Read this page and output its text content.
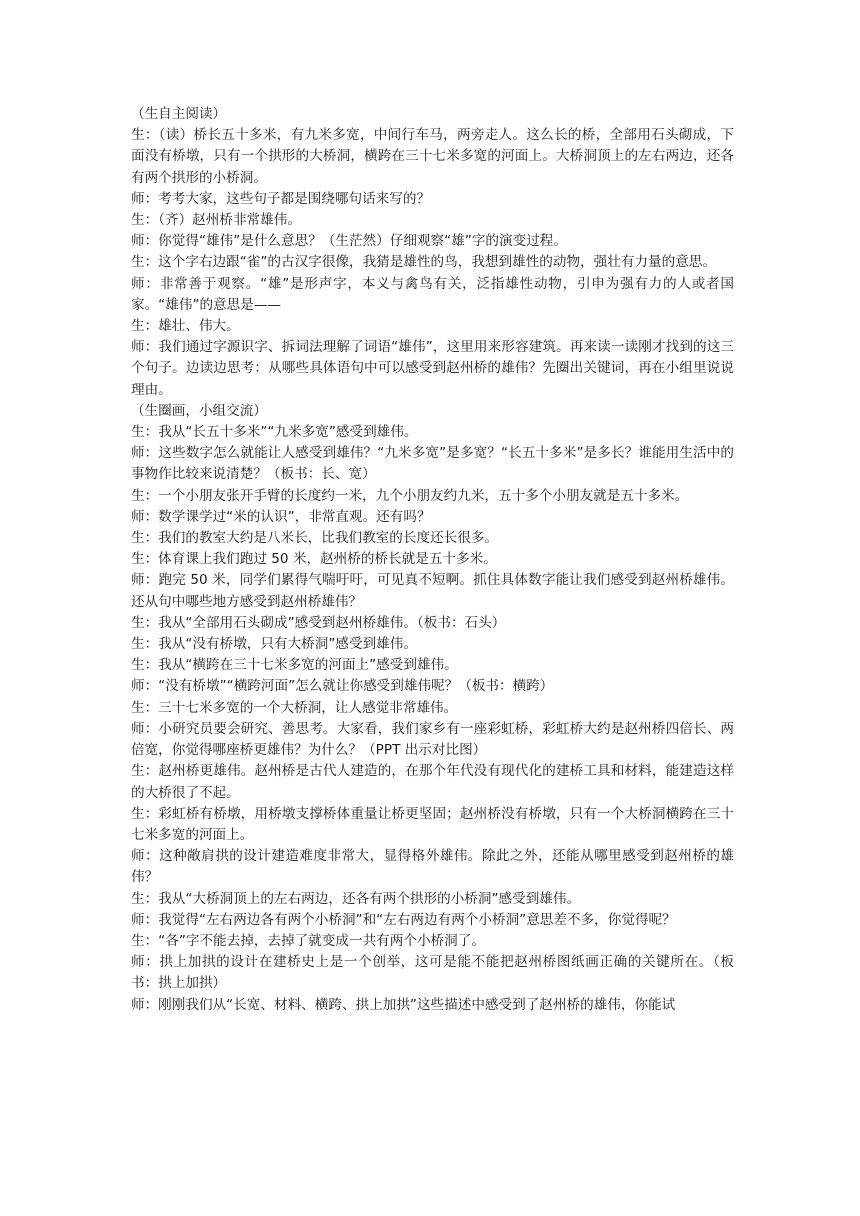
（生自主阅读）

生：（读）桥长五十多米，有九米多宽，中间行车马，两旁走人。这么长的桥，全部用石头砌成，下面没有桥墩，只有一个拱形的大桥洞，横跨在三十七米多宽的河面上。大桥洞顶上的左右两边，还各有两个拱形的小桥洞。

师：考考大家，这些句子都是围绕哪句话来写的？

生：（齐）赵州桥非常雄伟。

师：你觉得“雄伟”是什么意思？（生茫然）仔细观察“雄”字的演变过程。

生：这个字右边跟“雀”的古汉字很像，我猜是雄性的鸟，我想到雄性的动物，强壮有力量的意思。

师：非常善于观察。“雄”是形声字，本义与禽鸟有关，泛指雄性动物，引申为强有力的人或者国家。“雄伟”的意思是——

生：雄壮、伟大。

师：我们通过字源识字、拆词法理解了词语“雄伟”，这里用来形容建筑。再来读一读刚才找到的这三个句子。边读边思考：从哪些具体语句中可以感受到赵州桥的雄伟？先圈出关键词，再在小组里说说理由。

（生圈画，小组交流）

生：我从“长五十多米”“九米多宽”感受到雄伟。

师：这些数字怎么就能让人感受到雄伟？“九米多宽”是多宽？“长五十多米”是多长？谁能用生活中的事物作比较来说清楚？（板书：长、宽）

生：一个小朋友张开手臂的长度约一米，九个小朋友约九米，五十多个小朋友就是五十多米。

师：数学课学过“米的认识”，非常直观。还有吗？

生：我们的教室大约是八米长，比我们教室的长度还长很多。

生：体育课上我们跑过 50 米，赵州桥的桥长就是五十多米。

师：跑完 50 米，同学们累得气喘吁吁，可见真不短啊。抓住具体数字能让我们感受到赵州桥雄伟。还从句中哪些地方感受到赵州桥雄伟？

生：我从“全部用石头砌成”感受到赵州桥雄伟。（板书：石头）

生：我从“没有桥墩，只有大桥洞”感受到雄伟。

生：我从“横跨在三十七米多宽的河面上”感受到雄伟。

师：“没有桥墩”“横跨河面”怎么就让你感受到雄伟呢？（板书：横跨）

生：三十七米多宽的一个大桥洞，让人感觉非常雄伟。

师：小研究员要会研究、善思考。大家看，我们家乡有一座彩虹桥，彩虹桥大约是赵州桥四倍长、两倍宽，你觉得哪座桥更雄伟？为什么？（PPT 出示对比图）

生：赵州桥更雄伟。赵州桥是古代人建造的，在那个年代没有现代化的建桥工具和材料，能建造这样的大桥很了不起。

生：彩虹桥有桥墩，用桥墩支撑桥体重量让桥更坚固；赵州桥没有桥墩，只有一个大桥洞横跨在三十七米多宽的河面上。

师：这种敞肩拱的设计建造难度非常大，显得格外雄伟。除此之外，还能从哪里感受到赵州桥的雄伟？

生：我从“大桥洞顶上的左右两边，还各有两个拱形的小桥洞”感受到雄伟。

师：我觉得“左右两边各有两个小桥洞”和“左右两边有两个小桥洞”意思差不多，你觉得呢？

生：“各”字不能去掉，去掉了就变成一共有两个小桥洞了。

师：拱上加拱的设计在建桥史上是一个创举，这可是能不能把赵州桥图纸画正确的关键所在。（板书：拱上加拱）

师：刚刚我们从“长宽、材料、横跨、拱上加拱”这些描述中感受到了赵州桥的雄伟，你能试
